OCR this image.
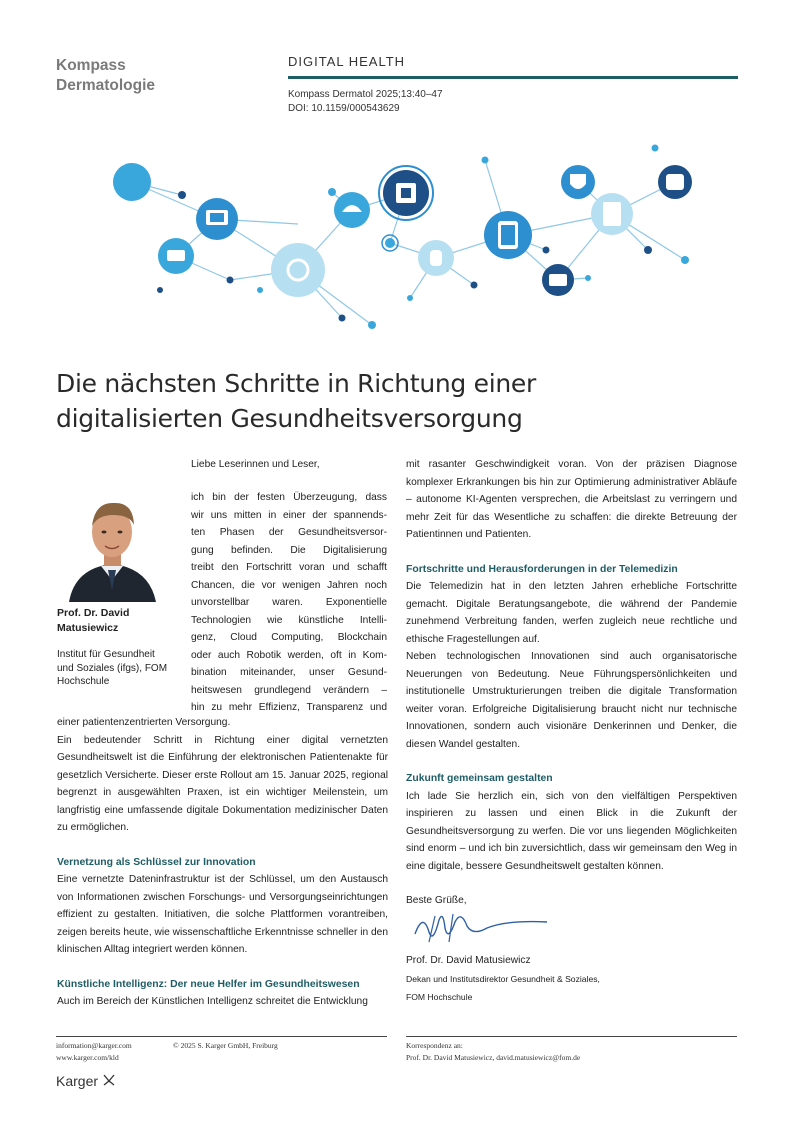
Kompass
Dermatologie
DIGITAL HEALTH
Kompass Dermatol 2025;13:40–47
DOI: 10.1159/000543629
Die nächsten Schritte in Richtung einer
digitalisierten Gesundheitsversorgung
Prof. Dr. David
Matusiewicz
Institut für Gesundheit
und Soziales (ifgs), FOM
Hochschule
Liebe Leserinnen und Leser,
ich bin der festen Überzeugung, dass
wir uns mitten in einer der spannends-
ten Phasen der Gesundheitsversor-
gung befinden. Die Digitalisierung
treibt den Fortschritt voran und schafft
Chancen, die vor wenigen Jahren noch
unvorstellbar waren. Exponentielle
Technologien wie künstliche Intelli-
genz, Cloud Computing, Blockchain
oder auch Robotik werden, oft in Kom-
bination miteinander, unser Gesund-
heitswesen grundlegend verändern –
hin zu mehr Effizienz, Transparenz und

einer patientenzentrierten Versorgung.

Ein bedeutender Schritt in Richtung einer digital vernetzten Gesundheitswelt ist die Einführung der elektronischen Patientenakte für gesetzlich Versicherte. Dieser erste Rollout am 15. Januar 2025, regional begrenzt in ausgewählten Praxen, ist ein wichtiger Meilenstein, um langfristig eine umfassende digitale Dokumentation medizinischer Daten zu ermöglichen.

Vernetzung als Schlüssel zur Innovation

Eine vernetzte Dateninfrastruktur ist der Schlüssel, um den Austausch von Informationen zwischen Forschungs- und Versorgungseinrichtungen effizient zu gestalten. Initiativen, die solche Plattformen vorantreiben, zeigen bereits heute, wie wissenschaftliche Erkenntnisse schneller in den klinischen Alltag integriert werden können.

Künstliche Intelligenz: Der neue Helfer im Gesundheitswesen

Auch im Bereich der Künstlichen Intelligenz schreitet die Entwicklung

mit rasanter Geschwindigkeit voran. Von der präzisen Diagnose komplexer Erkrankungen bis hin zur Optimierung administrativer Abläufe – autonome KI-Agenten versprechen, die Arbeitslast zu verringern und mehr Zeit für das Wesentliche zu schaffen: die direkte Betreuung der Patientinnen und Patienten.

Fortschritte und Herausforderungen in der Telemedizin

Die Telemedizin hat in den letzten Jahren erhebliche Fortschritte gemacht. Digitale Beratungsangebote, die während der Pandemie zunehmend Verbreitung fanden, werfen zugleich neue rechtliche und ethische Fragestellungen auf.

Neben technologischen Innovationen sind auch organisatorische Neuerungen von Bedeutung. Neue Führungspersönlichkeiten und institutionelle Umstrukturierungen treiben die digitale Transformation weiter voran. Erfolgreiche Digitalisierung braucht nicht nur technische Innovationen, sondern auch visionäre Denkerinnen und Denker, die diesen Wandel gestalten.

Zukunft gemeinsam gestalten

Ich lade Sie herzlich ein, sich von den vielfältigen Perspektiven inspirieren zu lassen und einen Blick in die Zukunft der Gesundheitsversorgung zu werfen. Die vor uns liegenden Möglichkeiten sind enorm – und ich bin zuversichtlich, dass wir gemeinsam den Weg in eine digitale, bessere Gesundheitswelt gestalten können.

Beste Grüße,

Prof. Dr. David Matusiewicz
Dekan und Institutsdirektor Gesundheit & Soziales,
FOM Hochschule
information@karger.com
www.karger.com/kld
© 2025 S. Karger GmbH, Freiburg	Korrespondenz an:
Prof. Dr. David Matusiewicz, david.matusiewicz@fom.de
Karger
